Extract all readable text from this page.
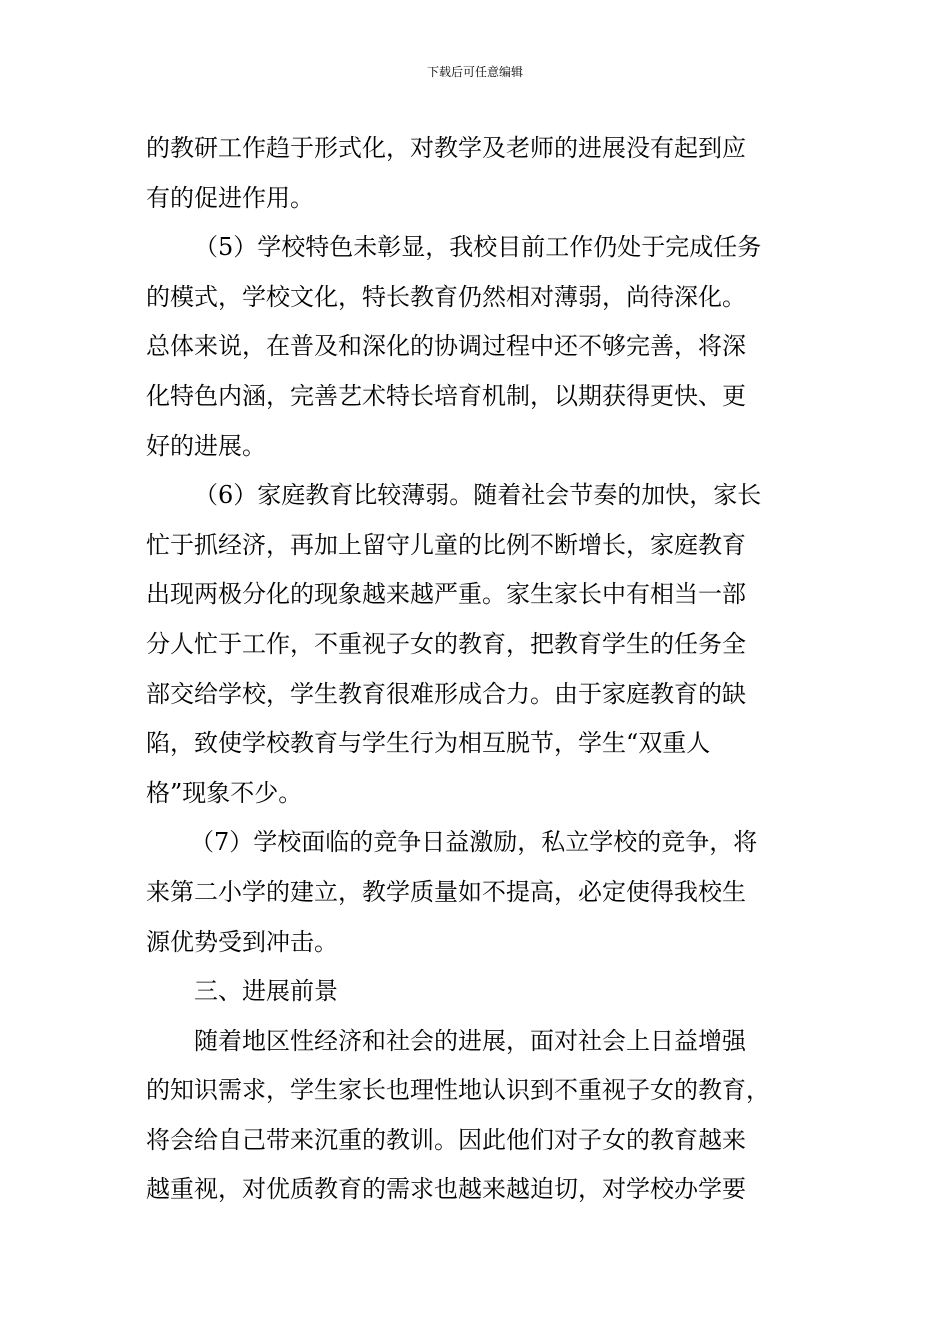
下载后可任意编辑
的教研工作趋于形式化，对教学及老师的进展没有起到应
有的促进作用。
（5）学校特色未彰显，我校目前工作仍处于完成任务
的模式，学校文化，特长教育仍然相对薄弱，尚待深化。
总体来说，在普及和深化的协调过程中还不够完善，将深
化特色内涵，完善艺术特长培育机制，以期获得更快、更
好的进展。
（6）家庭教育比较薄弱。随着社会节奏的加快，家长
忙于抓经济，再加上留守儿童的比例不断增长，家庭教育
出现两极分化的现象越来越严重。家生家长中有相当一部
分人忙于工作，不重视子女的教育，把教育学生的任务全
部交给学校，学生教育很难形成合力。由于家庭教育的缺
陷，致使学校教育与学生行为相互脱节，学生“双重人
格”现象不少。
（7）学校面临的竞争日益激励，私立学校的竞争，将
来第二小学的建立，教学质量如不提高，必定使得我校生
源优势受到冲击。
三、进展前景
随着地区性经济和社会的进展，面对社会上日益增强
的知识需求，学生家长也理性地认识到不重视子女的教育，
将会给自己带来沉重的教训。因此他们对子女的教育越来
越重视，对优质教育的需求也越来越迫切，对学校办学要
